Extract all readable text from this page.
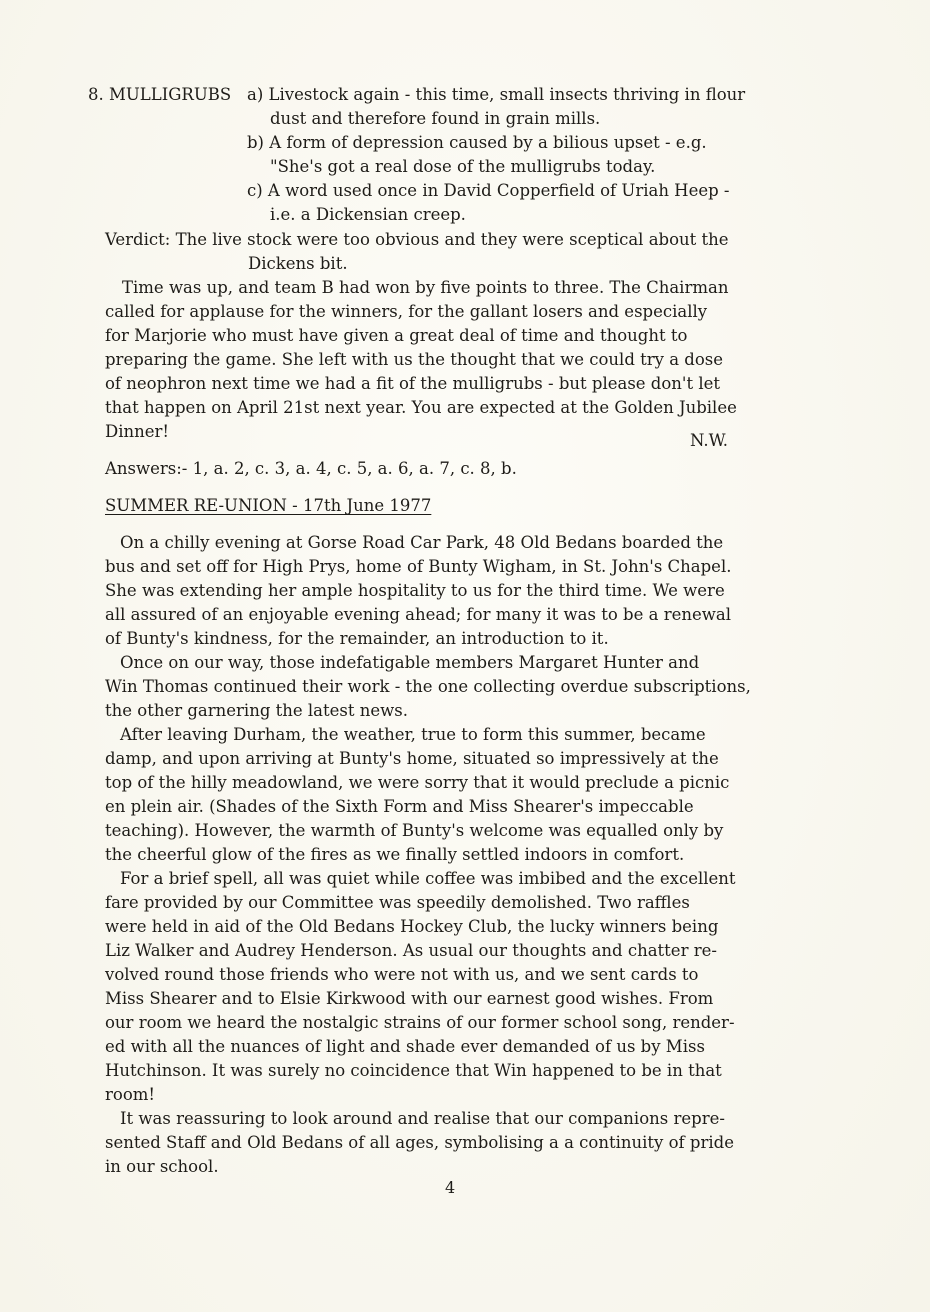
8. MULLIGRUBS a) Livestock again - this time, small insects thriving in flour
dust and therefore found in grain mills.
b) A form of depression caused by a bilious upset - e.g.
"She's got a real dose of the mulligrubs today.
c) A word used once in David Copperfield of Uriah Heep -
i.e. a Dickensian creep.
Verdict: The live stock were too obvious and they were sceptical about the
Dickens bit.
Time was up, and team B had won by five points to three. The Chairman
called for applause for the winners, for the gallant losers and especially
for Marjorie who must have given a great deal of time and thought to
preparing the game. She left with us the thought that we could try a dose
of neophron next time we had a fit of the mulligrubs - but please don't let
that happen on April 21st next year. You are expected at the Golden Jubilee
Dinner!	N.W.
Answers:- 1, a. 2, c. 3, a. 4, c. 5, a. 6, a. 7, c. 8, b.
SUMMER RE-UNION - 17th June 1977
On a chilly evening at Gorse Road Car Park, 48 Old Bedans boarded the
bus and set off for High Prys, home of Bunty Wigham, in St. John's Chapel.
She was extending her ample hospitality to us for the third time. We were
all assured of an enjoyable evening ahead; for many it was to be a renewal
of Bunty's kindness, for the remainder, an introduction to it.
Once on our way, those indefatigable members Margaret Hunter and
Win Thomas continued their work - the one collecting overdue subscriptions,
the other garnering the latest news.
After leaving Durham, the weather, true to form this summer, became
damp, and upon arriving at Bunty's home, situated so impressively at the
top of the hilly meadowland, we were sorry that it would preclude a picnic
en plein air. (Shades of the Sixth Form and Miss Shearer's impeccable
teaching). However, the warmth of Bunty's welcome was equalled only by
the cheerful glow of the fires as we finally settled indoors in comfort.
For a brief spell, all was quiet while coffee was imbibed and the excellent
fare provided by our Committee was speedily demolished. Two raffles
were held in aid of the Old Bedans Hockey Club, the lucky winners being
Liz Walker and Audrey Henderson. As usual our thoughts and chatter re-
volved round those friends who were not with us, and we sent cards to
Miss Shearer and to Elsie Kirkwood with our earnest good wishes. From
our room we heard the nostalgic strains of our former school song, render-
ed with all the nuances of light and shade ever demanded of us by Miss
Hutchinson. It was surely no coincidence that Win happened to be in that
room!
It was reassuring to look around and realise that our companions repre-
sented Staff and Old Bedans of all ages, symbolising a a continuity of pride
in our school.
4
